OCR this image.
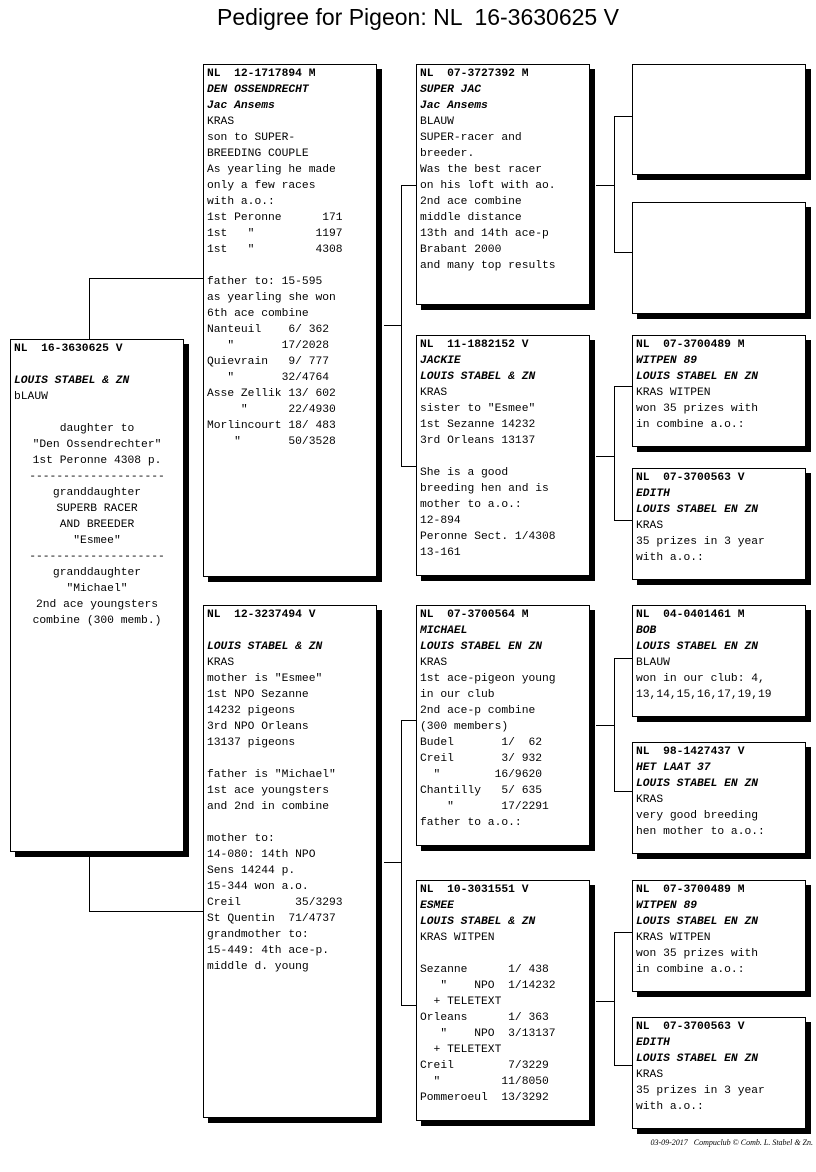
Pedigree for Pigeon: NL  16-3630625 V
NL  16-3630625 V
LOUIS STABEL & ZN
bLAUW
daughter to
"Den Ossendrechter"
1st Peronne 4308 p.
--------------------
granddaughter
SUPERB RACER
AND BREEDER
"Esmee"
--------------------
granddaughter
"Michael"
2nd ace youngsters
combine (300 memb.)
NL  12-1717894 M
DEN OSSENDRECHT
Jac Ansems
KRAS
son to SUPER-
BREEDING COUPLE
As yearling he made
only a few races
with a.o.:
1st Peronne      171
1st   "         1197
1st   "         4308
father to: 15-595
as yearling she won
6th ace combine
Nanteuil    6/ 362
"       17/2028
Quievrain   9/ 777
"       32/4764
Asse Zellik 13/ 602
"      22/4930
Morlincourt 18/ 483
"       50/3528
NL  12-3237494 V
LOUIS STABEL & ZN
KRAS
mother is "Esmee"
1st NPO Sezanne
14232 pigeons
3rd NPO Orleans
13137 pigeons
father is "Michael"
1st ace youngsters
and 2nd in combine
mother to:
14-080: 14th NPO
Sens 14244 p.
15-344 won a.o.
Creil        35/3293
St Quentin  71/4737
grandmother to:
15-449: 4th ace-p.
middle d. young
NL  07-3727392 M
SUPER JAC
Jac Ansems
BLAUW
SUPER-racer and
breeder.
Was the best racer
on his loft with ao.
2nd ace combine
middle distance
13th and 14th ace-p
Brabant 2000
and many top results
NL  11-1882152 V
JACKIE
LOUIS STABEL & ZN
KRAS
sister to "Esmee"
1st Sezanne 14232
3rd Orleans 13137
She is a good
breeding hen and is
mother to a.o.:
12-894
Peronne Sect. 1/4308
13-161
NL  07-3700564 M
MICHAEL
LOUIS STABEL EN ZN
KRAS
1st ace-pigeon young
in our club
2nd ace-p combine
(300 members)
Budel       1/  62
Creil       3/ 932
"        16/9620
Chantilly   5/ 635
"       17/2291
father to a.o.:
NL  10-3031551 V
ESMEE
LOUIS STABEL & ZN
KRAS WITPEN
Sezanne      1/ 438
"    NPO  1/14232
+ TELETEXT
Orleans      1/ 363
"    NPO  3/13137
+ TELETEXT
Creil        7/3229
"         11/8050
Pommeroeul  13/3292
NL  07-3700489 M
WITPEN 89
LOUIS STABEL EN ZN
KRAS WITPEN
won 35 prizes with
in combine a.o.:
NL  07-3700563 V
EDITH
LOUIS STABEL EN ZN
KRAS
35 prizes in 3 year
with a.o.:
NL  04-0401461 M
BOB
LOUIS STABEL EN ZN
BLAUW
won in our club: 4,
13,14,15,16,17,19,19
NL  98-1427437 V
HET LAAT 37
LOUIS STABEL EN ZN
KRAS
very good breeding
hen mother to a.o.:
NL  07-3700489 M
WITPEN 89
LOUIS STABEL EN ZN
KRAS WITPEN
won 35 prizes with
in combine a.o.:
NL  07-3700563 V
EDITH
LOUIS STABEL EN ZN
KRAS
35 prizes in 3 year
with a.o.:
03-09-2017 Compuclub © Comb. L. Stabel & Zn.
